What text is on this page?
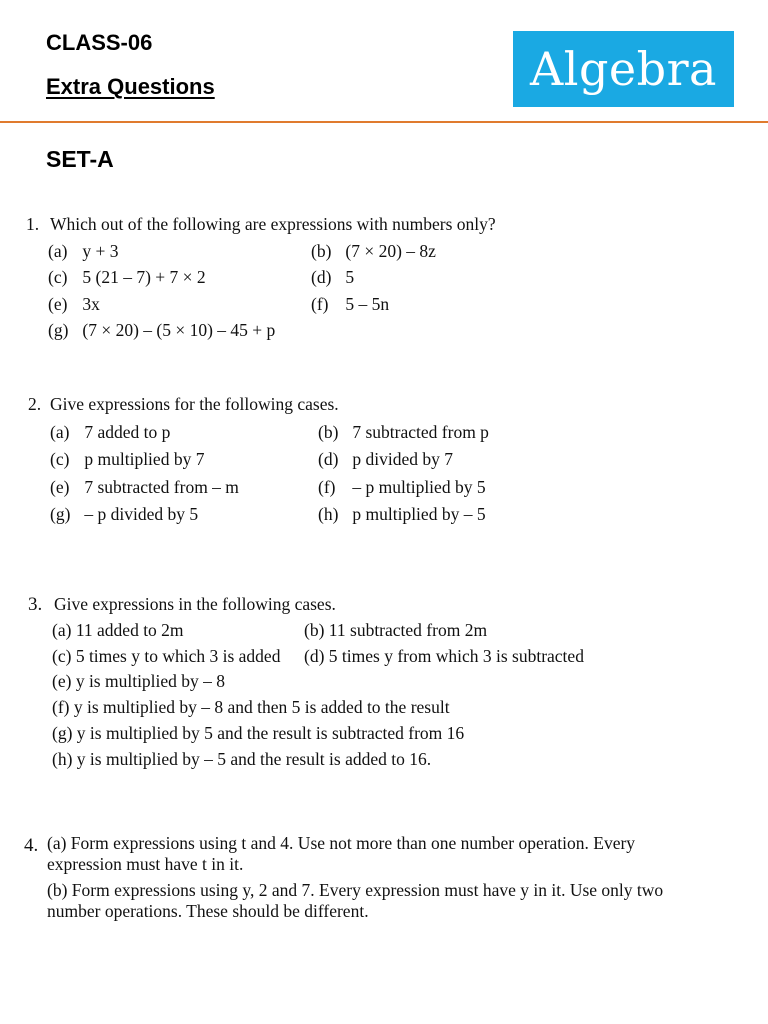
CLASS-06
Extra Questions	Algebra
SET-A
1. Which out of the following are expressions with numbers only?
(a) y + 3	(b) (7 × 20) – 8z
(c) 5 (21 – 7) + 7 × 2	(d) 5
(e) 3x	(f) 5 – 5n
(g) (7 × 20) – (5 × 10) – 45 + p
2. Give expressions for the following cases.
(a) 7 added to p	(b) 7 subtracted from p
(c) p multiplied by 7	(d) p divided by 7
(e) 7 subtracted from – m	(f) – p multiplied by 5
(g) – p divided by 5	(h) p multiplied by – 5
3. Give expressions in the following cases.
(a) 11 added to 2m	(b) 11 subtracted from 2m
(c) 5 times y to which 3 is added	(d) 5 times y from which 3 is subtracted
(e) y is multiplied by – 8
(f) y is multiplied by – 8 and then 5 is added to the result
(g) y is multiplied by 5 and the result is subtracted from 16
(h) y is multiplied by – 5 and the result is added to 16.
4. (a) Form expressions using t and 4. Use not more than one number operation. Every expression must have t in it.
(b) Form expressions using y, 2 and 7. Every expression must have y in it. Use only two number operations. These should be different.
